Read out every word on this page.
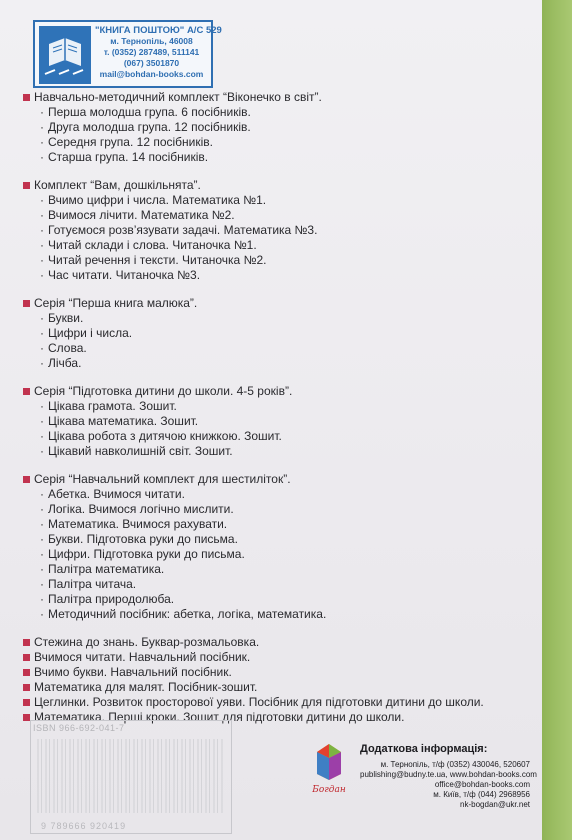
"КНИГА ПОШТОЮ" А/С 529
м. Тернопіль, 46008
т. (0352) 287489, 511141
(067) 3501870
mail@bohdan-books.com
Навчально-методичний комплект “Віконечко в світ”.
· Перша молодша група. 6 посібників.
· Друга молодша група. 12 посібників.
· Середня група. 12 посібників.
· Старша група. 14 посібників.
Комплект “Вам, дошкільнята”.
· Вчимо цифри і числа. Математика №1.
· Вчимося лічити. Математика №2.
· Готуємося розв’язувати задачі. Математика №3.
· Читай склади і слова. Читаночка №1.
· Читай речення і тексти. Читаночка №2.
· Час читати. Читаночка №3.
Серія “Перша книга малюка”.
· Букви.
· Цифри і числа.
· Слова.
· Лічба.
Серія “Підготовка дитини до школи. 4-5 років”.
· Цікава грамота. Зошит.
· Цікава математика. Зошит.
· Цікава робота з дитячою книжкою. Зошит.
· Цікавий навколишній світ. Зошит.
Серія “Навчальний комплект для шестиліток”.
· Абетка. Вчимося читати.
· Логіка. Вчимося логічно мислити.
· Математика. Вчимося рахувати.
· Букви. Підготовка руки до письма.
· Цифри. Підготовка руки до письма.
· Палітра математика.
· Палітра читача.
· Палітра природолюба.
· Методичний посібник: абетка, логіка, математика.
Стежина до знань. Буквар-розмальовка.
Вчимося читати. Навчальний посібник.
Вчимо букви. Навчальний посібник.
Математика для малят. Посібник-зошит.
Цеглинки. Розвиток просторової уяви. Посібник для підготовки дитини до школи.
Математика. Перші кроки. Зошит для підготовки дитини до школи.
ISBN 966-692-041-7
9 789666 920419
Богдан
Додаткова інформація:
м. Тернопіль, т/ф (0352) 430046, 520607
publishing@budny.te.ua, www.bohdan-books.com
office@bohdan-books.com
м. Київ, т/ф (044) 2968956
nk-bogdan@ukr.net
